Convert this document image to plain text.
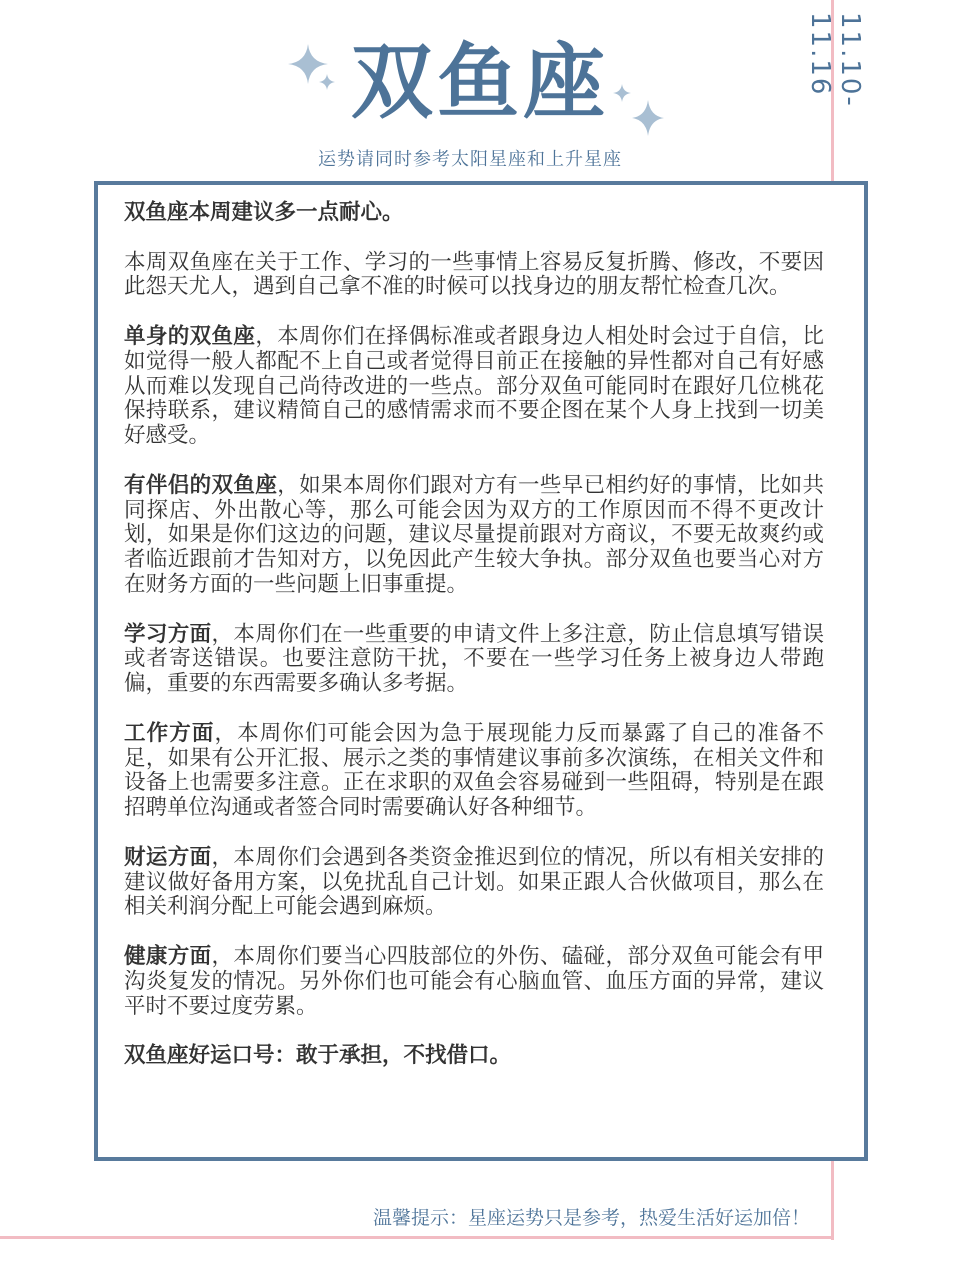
双鱼座
运势请同时参考太阳星座和上升星座
11.10-11.16

双鱼座本周建议多一点耐心。

本周双鱼座在关于工作、学习的一些事情上容易反复折腾、修改，不要因此怨天尤人，遇到自己拿不准的时候可以找身边的朋友帮忙检查几次。

单身的双鱼座，本周你们在择偶标准或者跟身边人相处时会过于自信，比如觉得一般人都配不上自己或者觉得目前正在接触的异性都对自己有好感从而难以发现自己尚待改进的一些点。部分双鱼可能同时在跟好几位桃花保持联系，建议精简自己的感情需求而不要企图在某个人身上找到一切美好感受。

有伴侣的双鱼座，如果本周你们跟对方有一些早已相约好的事情，比如共同探店、外出散心等，那么可能会因为双方的工作原因而不得不更改计划，如果是你们这边的问题，建议尽量提前跟对方商议，不要无故爽约或者临近跟前才告知对方，以免因此产生较大争执。部分双鱼也要当心对方在财务方面的一些问题上旧事重提。

学习方面，本周你们在一些重要的申请文件上多注意，防止信息填写错误或者寄送错误。也要注意防干扰，不要在一些学习任务上被身边人带跑偏，重要的东西需要多确认多考据。

工作方面，本周你们可能会因为急于展现能力反而暴露了自己的准备不足，如果有公开汇报、展示之类的事情建议事前多次演练，在相关文件和设备上也需要多注意。正在求职的双鱼会容易碰到一些阻碍，特别是在跟招聘单位沟通或者签合同时需要确认好各种细节。

财运方面，本周你们会遇到各类资金推迟到位的情况，所以有相关安排的建议做好备用方案，以免扰乱自己计划。如果正跟人合伙做项目，那么在相关利润分配上可能会遇到麻烦。

健康方面，本周你们要当心四肢部位的外伤、磕碰，部分双鱼可能会有甲沟炎复发的情况。另外你们也可能会有心脑血管、血压方面的异常，建议平时不要过度劳累。

双鱼座好运口号：敢于承担，不找借口。

温馨提示：星座运势只是参考，热爱生活好运加倍！
